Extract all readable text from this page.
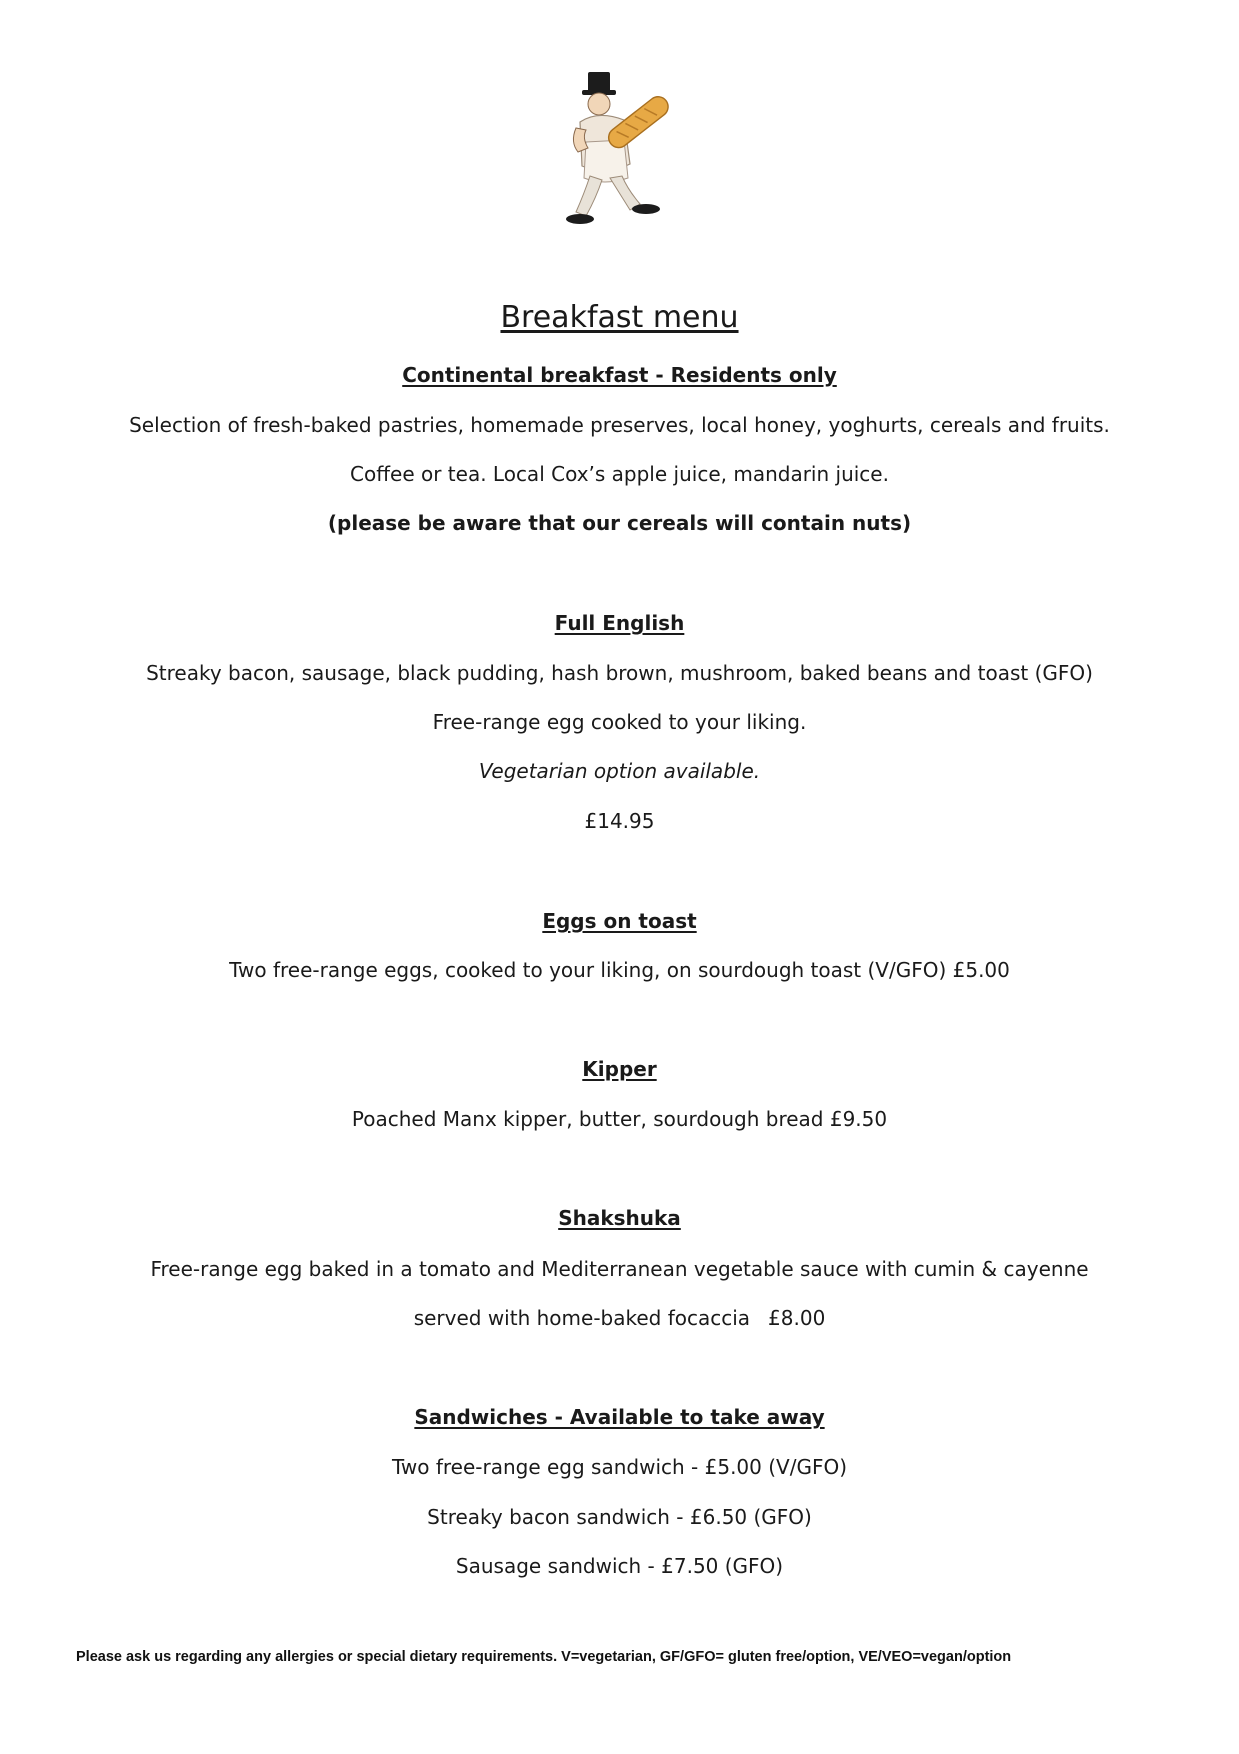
Breakfast menu
Continental breakfast - Residents only
Selection of fresh-baked pastries, homemade preserves, local honey, yoghurts, cereals and fruits.
Coffee or tea. Local Cox’s apple juice, mandarin juice.
(please be aware that our cereals will contain nuts)
Full English
Streaky bacon, sausage, black pudding, hash brown, mushroom, baked beans and toast (GFO)
Free-range egg cooked to your liking.
Vegetarian option available.
£14.95
Eggs on toast
Two free-range eggs, cooked to your liking, on sourdough toast (V/GFO) £5.00
Kipper
Poached Manx kipper, butter, sourdough bread £9.50
Shakshuka
Free-range egg baked in a tomato and Mediterranean vegetable sauce with cumin & cayenne
served with home-baked focaccia £8.00
Sandwiches - Available to take away
Two free-range egg sandwich - £5.00 (V/GFO)
Streaky bacon sandwich - £6.50 (GFO)
Sausage sandwich - £7.50 (GFO)
Please ask us regarding any allergies or special dietary requirements. V=vegetarian, GF/GFO= gluten free/option, VE/VEO=vegan/option
